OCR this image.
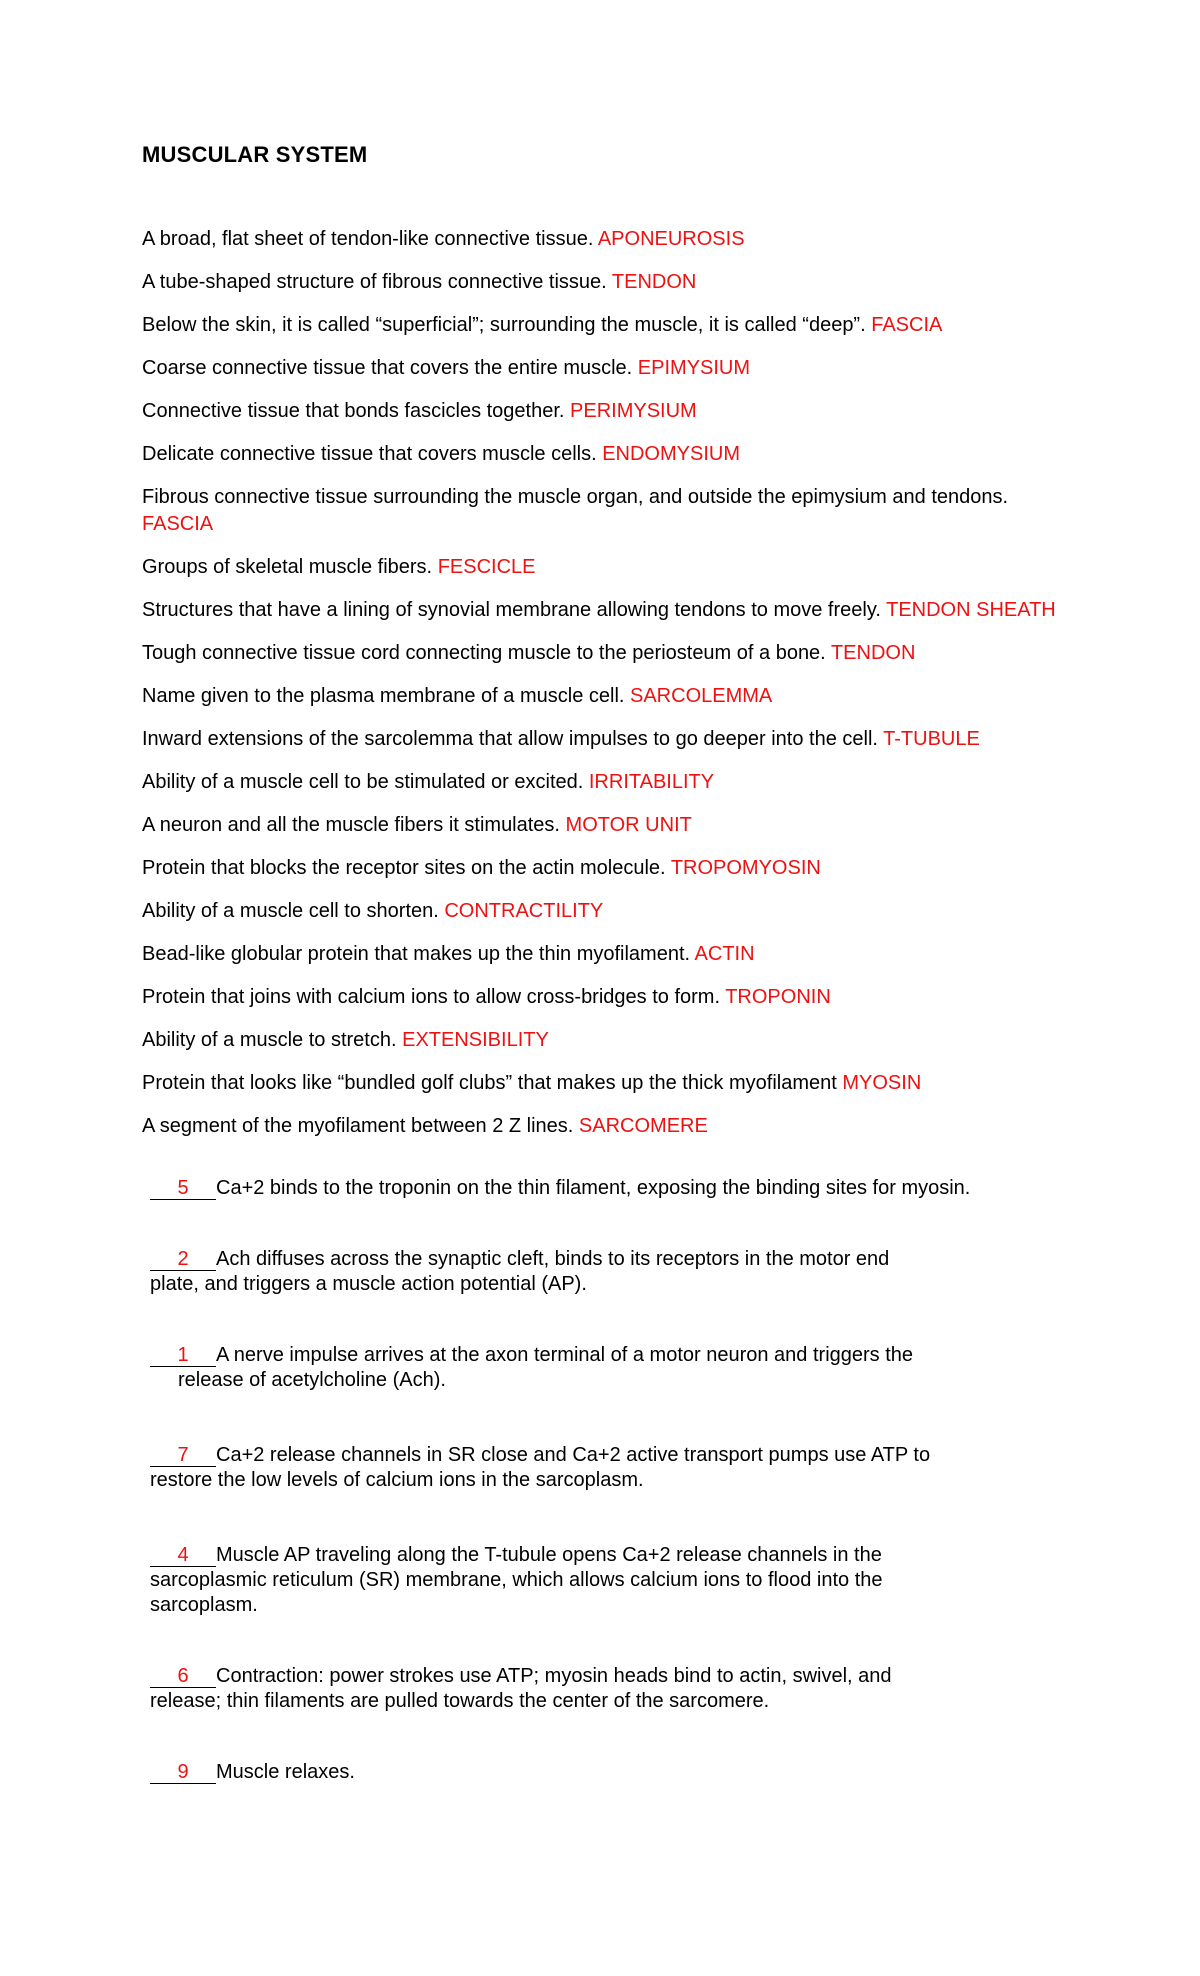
MUSCULAR SYSTEM
A broad, flat sheet of tendon-like connective tissue. APONEUROSIS
A tube-shaped structure of fibrous connective tissue. TENDON
Below the skin, it is called “superficial”; surrounding the muscle, it is called “deep”. FASCIA
Coarse connective tissue that covers the entire muscle. EPIMYSIUM
Connective tissue that bonds fascicles together. PERIMYSIUM
Delicate connective tissue that covers muscle cells. ENDOMYSIUM
Fibrous connective tissue surrounding the muscle organ, and outside the epimysium and tendons. FASCIA
Groups of skeletal muscle fibers. FESCICLE
Structures that have a lining of synovial membrane allowing tendons to move freely. TENDON SHEATH
Tough connective tissue cord connecting muscle to the periosteum of a bone. TENDON
Name given to the plasma membrane of a muscle cell. SARCOLEMMA
Inward extensions of the sarcolemma that allow impulses to go deeper into the cell. T-TUBULE
Ability of a muscle cell to be stimulated or excited. IRRITABILITY
A neuron and all the muscle fibers it stimulates. MOTOR UNIT
Protein that blocks the receptor sites on the actin molecule. TROPOMYOSIN
Ability of a muscle cell to shorten. CONTRACTILITY
Bead-like globular protein that makes up the thin myofilament. ACTIN
Protein that joins with calcium ions to allow cross-bridges to form. TROPONIN
Ability of a muscle to stretch. EXTENSIBILITY
Protein that looks like “bundled golf clubs” that makes up the thick myofilament MYOSIN
A segment of the myofilament between 2 Z lines. SARCOMERE
5 Ca+2 binds to the troponin on the thin filament, exposing the binding sites for myosin.
2 Ach diffuses across the synaptic cleft, binds to its receptors in the motor end
plate, and triggers a muscle action potential (AP).
1 A nerve impulse arrives at the axon terminal of a motor neuron and triggers the
release of acetylcholine (Ach).
7 Ca+2 release channels in SR close and Ca+2 active transport pumps use ATP to
restore the low levels of calcium ions in the sarcoplasm.
4 Muscle AP traveling along the T-tubule opens Ca+2 release channels in the
sarcoplasmic reticulum (SR) membrane, which allows calcium ions to flood into the
sarcoplasm.
6 Contraction: power strokes use ATP; myosin heads bind to actin, swivel, and
release; thin filaments are pulled towards the center of the sarcomere.
9 Muscle relaxes.
